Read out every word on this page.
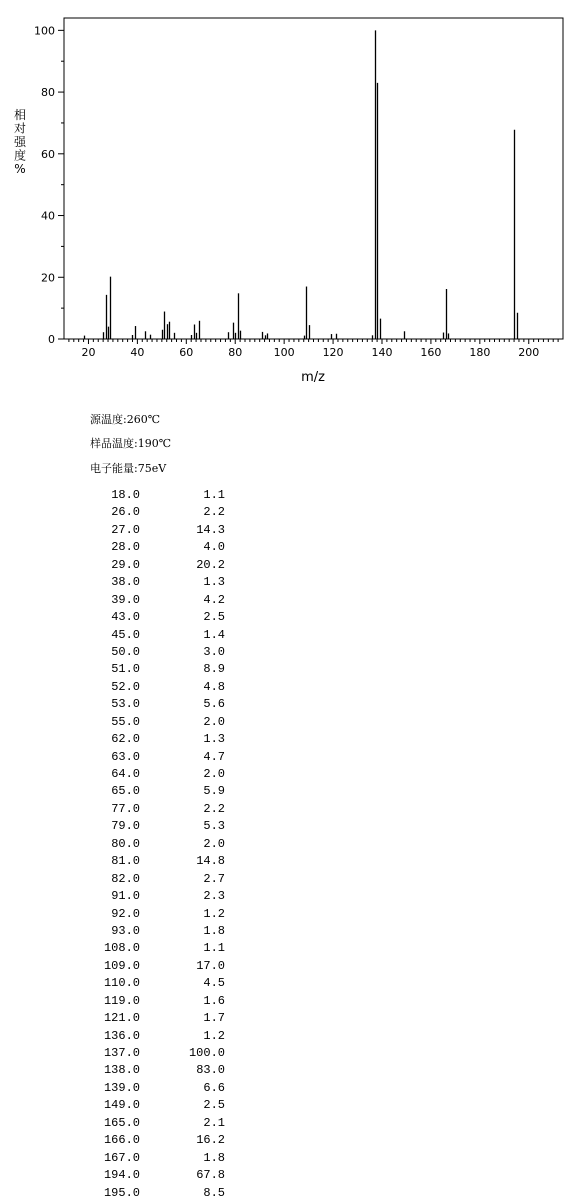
0
20
40
60
80
100
20	40	60	80	100	120	140	160	180	200
相对强度%
m/z
源温度:260℃
样品温度:190℃
电子能量:75eV
18.0	1.1
26.0	2.2
27.0	14.3
28.0	4.0
29.0	20.2
38.0	1.3
39.0	4.2
43.0	2.5
45.0	1.4
50.0	3.0
51.0	8.9
52.0	4.8
53.0	5.6
55.0	2.0
62.0	1.3
63.0	4.7
64.0	2.0
65.0	5.9
77.0	2.2
79.0	5.3
80.0	2.0
81.0	14.8
82.0	2.7
91.0	2.3
92.0	1.2
93.0	1.8
108.0	1.1
109.0	17.0
110.0	4.5
119.0	1.6
121.0	1.7
136.0	1.2
137.0	100.0
138.0	83.0
139.0	6.6
149.0	2.5
165.0	2.1
166.0	16.2
167.0	1.8
194.0	67.8
195.0	8.5
